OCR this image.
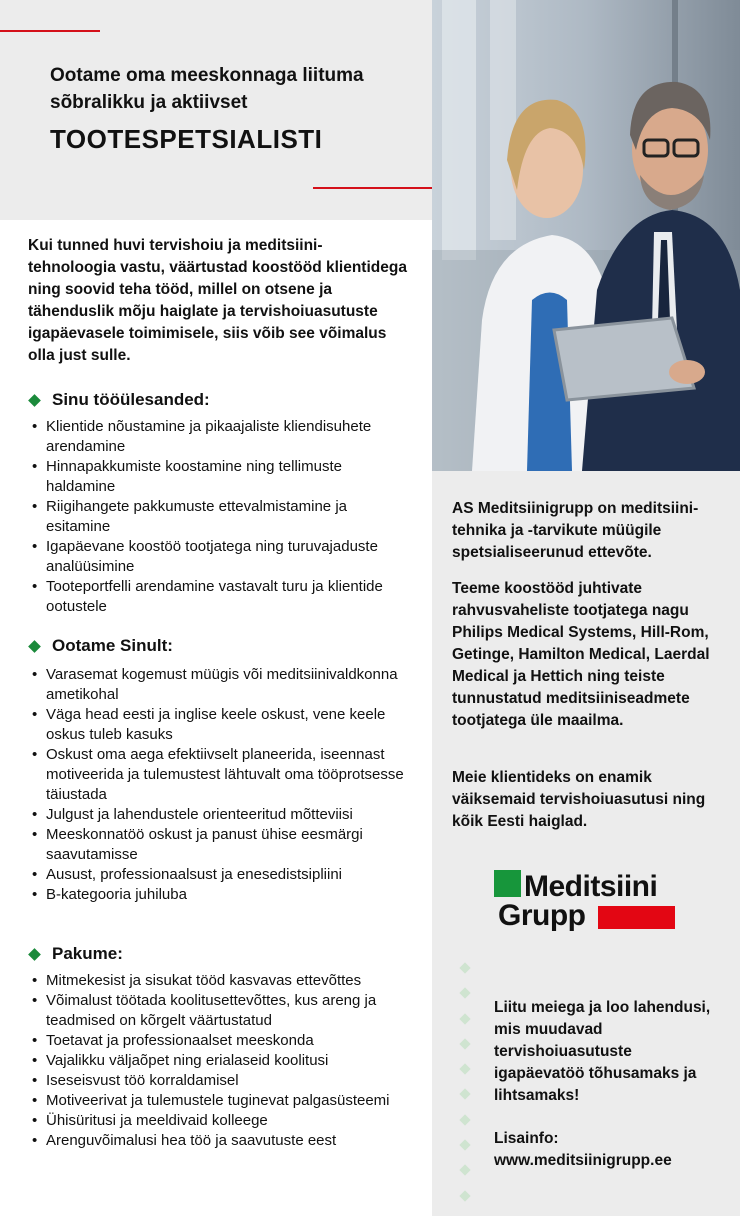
Ootame oma meeskonnaga liituma sõbralikku ja aktiivset
TOOTESPETSIALISTI
Kui tunned huvi tervishoiu ja meditsiini-tehnoloogia vastu, väärtustad koostööd klientidega ning soovid teha tööd, millel on otsene ja tähenduslik mõju haiglate ja tervishoiuasutuste igapäevasele toimimisele, siis võib see võimalus olla just sulle.
Sinu tööülesanded:
• Klientide nõustamine ja pikaajaliste kliendisuhete arendamine
• Hinnapakkumiste koostamine ning tellimuste haldamine
• Riigihangete pakkumuste ettevalmistamine ja esitamine
• Igapäevane koostöö tootjatega ning turuvajaduste analüüsimine
• Tooteportfelli arendamine vastavalt turu ja klientide ootustele
Ootame Sinult:
• Varasemat kogemust müügis või meditsiinivaldkonna ametikohal
• Väga head eesti ja inglise keele oskust, vene keele oskus tuleb kasuks
• Oskust oma aega efektiivselt planeerida, iseennast motiveerida ja tulemustest lähtuvalt oma tööprotsesse täiustada
• Julgust ja lahendustele orienteeritud mõtteviisi
• Meeskonnatöö oskust ja panust ühise eesmärgi saavutamisse
• Ausust, professionaalsust ja enesedistsipliini
• B-kategooria juhiluba
Pakume:
• Mitmekesist ja sisukat tööd kasvavas ettevõttes
• Võimalust töötada koolitusettevõttes, kus areng ja teadmised on kõrgelt väärtustatud
• Toetavat ja professionaalset meeskonda
• Vajalikku väljaõpet ning erialaseid koolitusi
• Iseseisvust töö korraldamisel
• Motiveerivat ja tulemustele tuginevat palgasüsteemi
• Ühisüritusi ja meeldivaid kolleege
• Arenguvõimalusi hea töö ja saavutuste eest
AS Meditsiinigrupp on meditsiini-tehnika ja -tarvikute müügile spetsialiseerunud ettevõte.
Teeme koostööd juhtivate rahvusvaheliste tootjatega nagu Philips Medical Systems, Hill-Rom, Getinge, Hamilton Medical, Laerdal Medical ja Hettich ning teiste tunnustatud meditsiiniseadmete tootjatega üle maailma.
Meie klientideks on enamik väiksemaid tervishoiuasutusi ning kõik Eesti haiglad.
Meditsiini
Grupp
Liitu meiega ja loo lahendusi, mis muudavad tervishoiuasutuste igapäevatöö tõhusamaks ja lihtsamaks!
Lisainfo:
www.meditsiinigrupp.ee
